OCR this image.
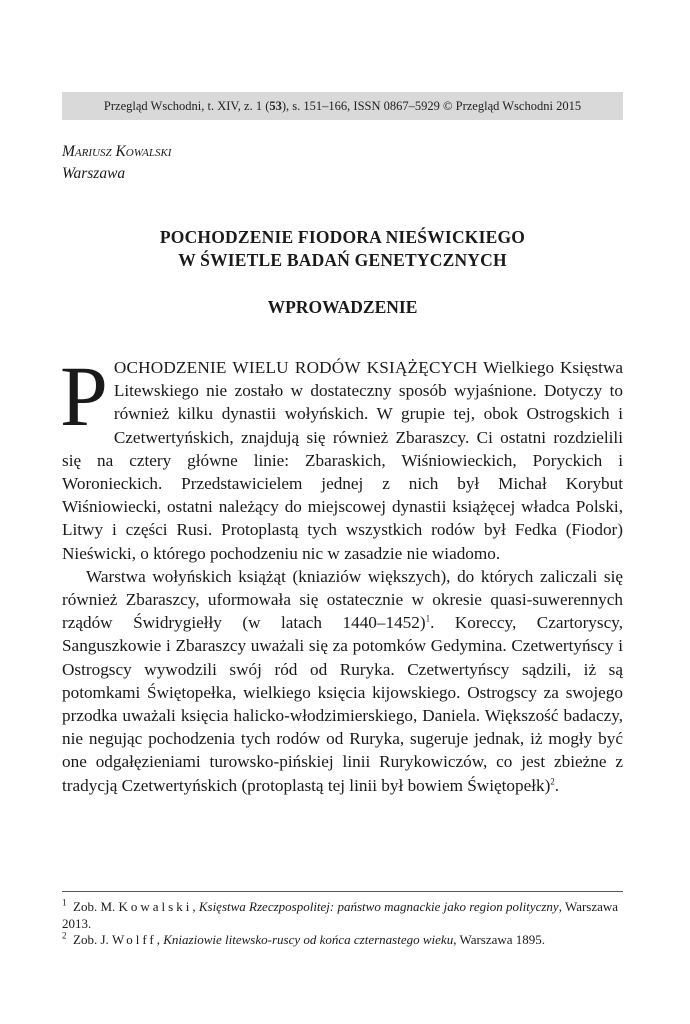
Przegląd Wschodni, t. XIV, z. 1 (53), s. 151–166, ISSN 0867–5929 © Przegląd Wschodni 2015
Mariusz Kowalski
Warszawa
POCHODZENIE FIODORA NIEŚWICKIEGO
W ŚWIETLE BADAŃ GENETYCZNYCH
WPROWADZENIE

POCHODZENIE WIELU RODÓW KSIĄŻĘCYCH Wielkiego Księstwa Litewskiego nie zostało w dostateczny sposób wyjaśnione. Dotyczy to również kilku dynastii wołyńskich. W grupie tej, obok Ostrogskich i Czetwertyńskich, znajdują się również Zbaraszcy. Ci ostatni rozdzielili się na cztery główne linie: Zbaraskich, Wiśniowieckich, Poryckich i Woronieckich. Przedstawicielem jednej z nich był Michał Korybut Wiśniowiecki, ostatni należący do miejscowej dynastii książęcej władca Polski, Litwy i części Rusi. Protoplastą tych wszystkich rodów był Fedka (Fiodor) Nieświcki, o którego pochodzeniu nic w zasadzie nie wiadomo.

Warstwa wołyńskich książąt (kniaziów większych), do których zaliczali się również Zbaraszcy, uformowała się ostatecznie w okresie quasi-suwerennych rządów Świdrygiełły (w latach 1440–1452)$^1$. Koreccy, Czartoryscy, Sanguszkowie i Zbaraszcy uważali się za potomków Gedymina. Czetwertyńscy i Ostrogscy wywodzili swój ród od Ruryka. Czetwertyńscy sądzili, iż są potomkami Świętopełka, wielkiego księcia kijowskiego. Ostrogscy za swojego przodka uważali księcia halicko-włodzimierskiego, Daniela. Większość badaczy, nie negując pochodzenia tych rodów od Ruryka, sugeruje jednak, iż mogły być one odgałęzieniami turowsko-pińskiej linii Rurykowiczów, co jest zbieżne z tradycją Czetwertyńskich (protoplastą tej linii był bowiem Świętopełk)$^2$.

$^1$ Zob. M. Kowalski, Księstwa Rzeczpospolitej: państwo magnackie jako region polityczny, Warszawa 2013.
$^2$ Zob. J. Wolff, Kniaziowie litewsko-ruscy od końca czternastego wieku, Warszawa 1895.
